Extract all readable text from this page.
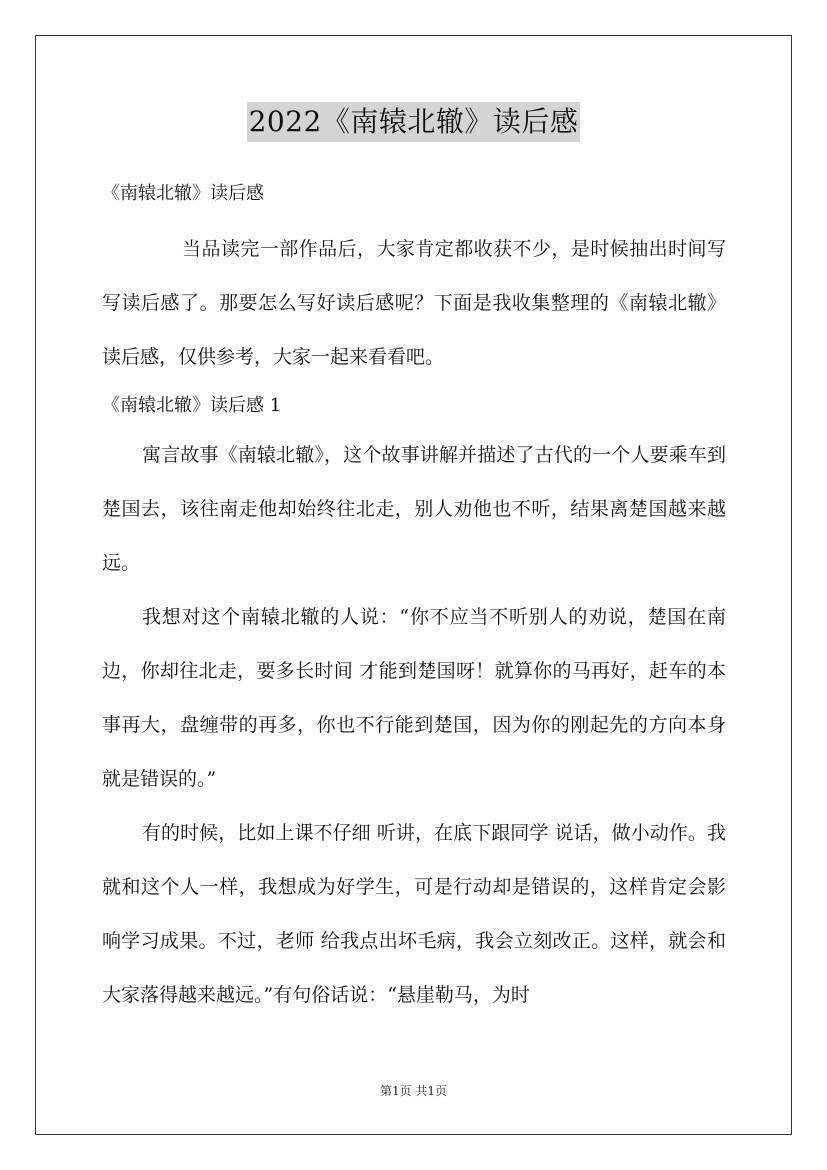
2022《南辕北辙》读后感

《南辕北辙》读后感

当品读完一部作品后，大家肯定都收获不少，是时候抽出时间写写读后感了。那要怎么写好读后感呢？下面是我收集整理的《南辕北辙》读后感，仅供参考，大家一起来看看吧。

《南辕北辙》读后感 1

寓言故事《南辕北辙》，这个故事讲解并描述了古代的一个人要乘车到楚国去，该往南走他却始终往北走，别人劝他也不听，结果离楚国越来越远。

我想对这个南辕北辙的人说：“你不应当不听别人的劝说，楚国在南边，你却往北走，要多长时间 才能到楚国呀！就算你的马再好，赶车的本事再大，盘缠带的再多，你也不行能到楚国，因为你的刚起先的方向本身就是错误的。”

有的时候，比如上课不仔细 听讲，在底下跟同学 说话，做小动作。我就和这个人一样，我想成为好学生，可是行动却是错误的，这样肯定会影响学习成果。不过，老师 给我点出坏毛病，我会立刻改正。这样，就会和大家落得越来越远。”有句俗话说：“悬崖勒马，为时

第1页 共1页
